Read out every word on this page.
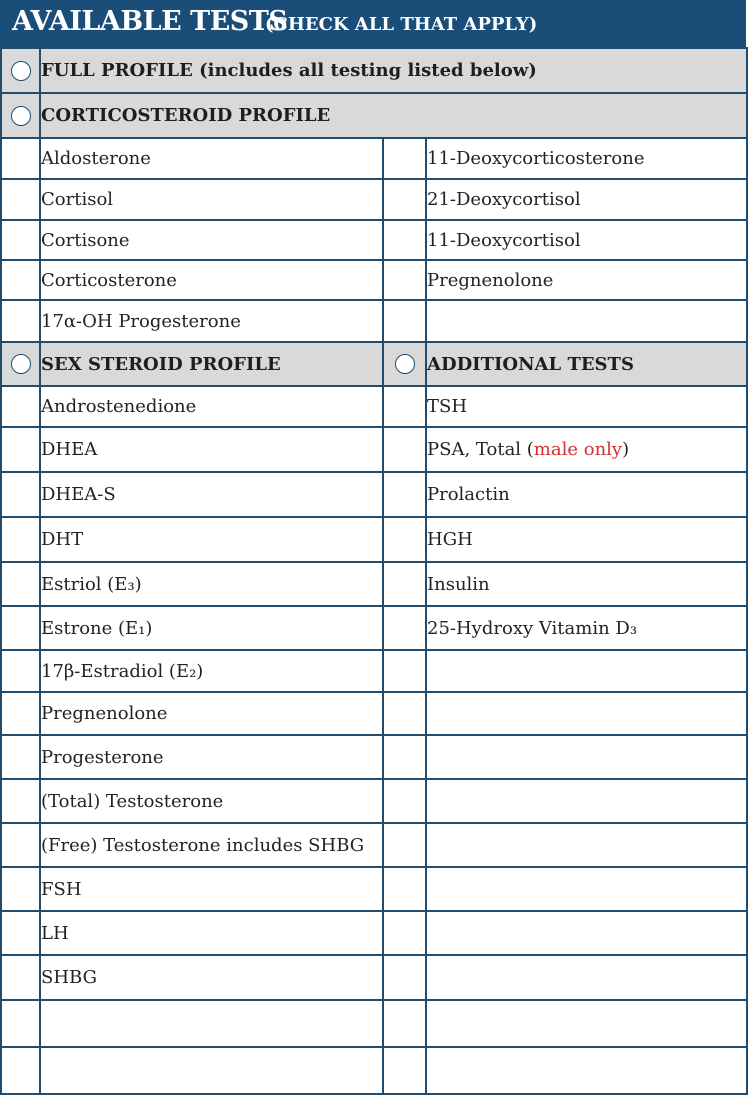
AVAILABLE TESTS
(CHECK ALL THAT APPLY)
	FULL PROFILE (includes all testing listed below)		

	CORTICOSTEROID PROFILE		
	Aldosterone		11-Deoxycorticosterone
	Cortisol		21-Deoxycortisol
	Cortisone		11-Deoxycortisol
	Corticosterone		Pregnenolone
	17α-OH Progesterone		

	SEX STEROID PROFILE		ADDITIONAL TESTS
	Androstenedione		TSH
	DHEA		PSA, Total (male only)
	DHEA-S		Prolactin
	DHT		HGH
	Estriol (E₃)		Insulin
	Estrone (E₁)		25-Hydroxy Vitamin D₃
	17β-Estradiol (E₂)		
	Pregnenolone		
	Progesterone		
	(Total) Testosterone		
	(Free) Testosterone includes SHBG		
	FSH		
	LH		
	SHBG		
